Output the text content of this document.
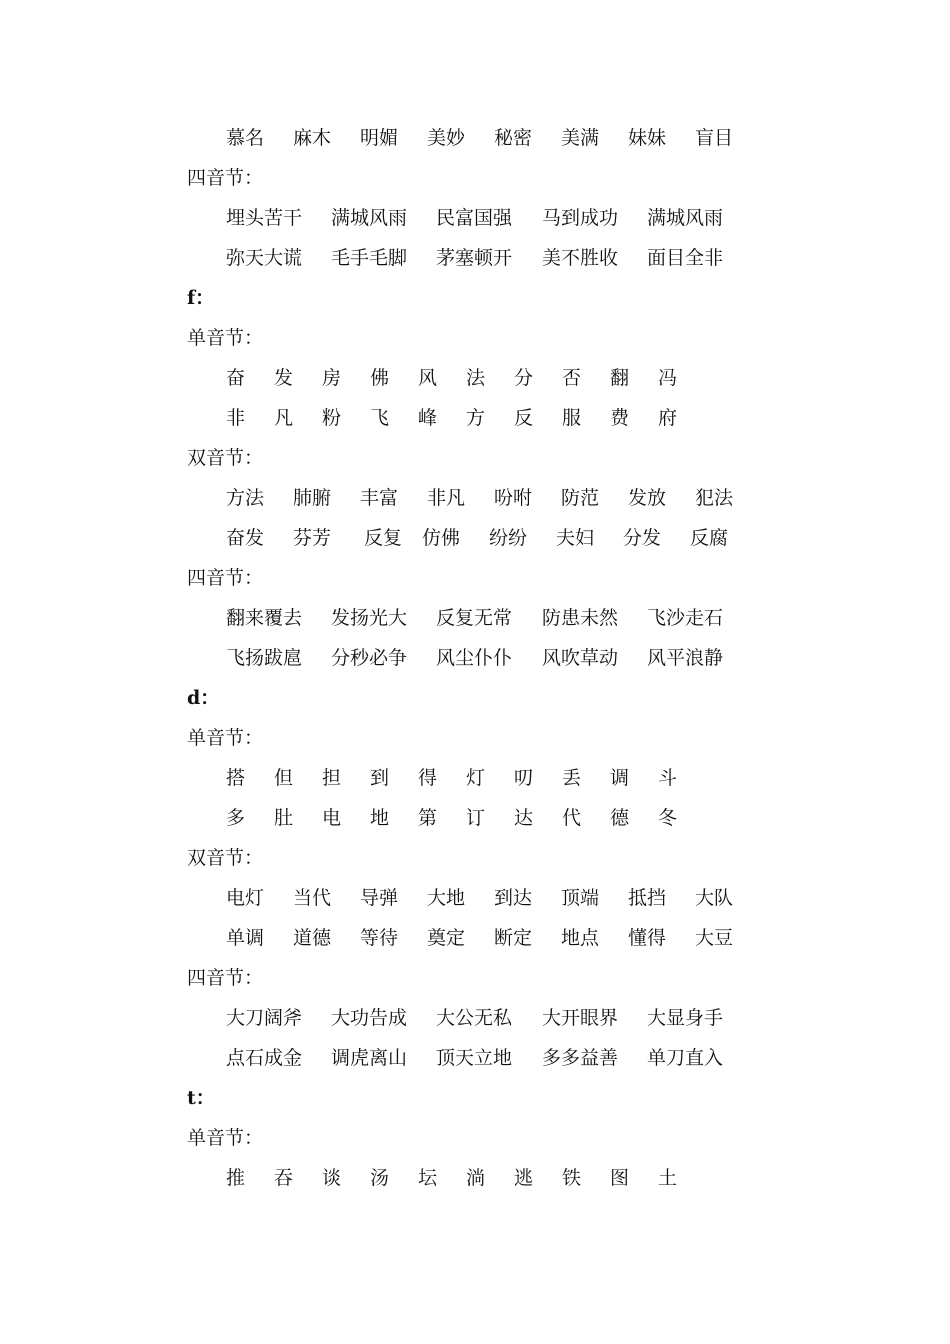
慕名 麻木 明媚 美妙 秘密 美满 妹妹 盲目
四音节：
埋头苦干 满城风雨 民富国强 马到成功 满城风雨
弥天大谎 毛手毛脚 茅塞顿开 美不胜收 面目全非
f：
单音节：
奋 发 房 佛 风 法 分 否 翻 冯
非 凡 粉 飞 峰 方 反 服 费 府
双音节：
方法 肺腑 丰富 非凡 吩咐 防范 发放 犯法
奋发 芬芳 反复 仿佛 纷纷 夫妇 分发 反腐
四音节：
翻来覆去 发扬光大 反复无常 防患未然 飞沙走石
飞扬跋扈 分秒必争 风尘仆仆 风吹草动 风平浪静
d：
单音节：
搭 但 担 到 得 灯 叨 丢 调 斗
多 肚 电 地 第 订 达 代 德 冬
双音节：
电灯 当代 导弹 大地 到达 顶端 抵挡 大队
单调 道德 等待 奠定 断定 地点 懂得 大豆
四音节：
大刀阔斧 大功告成 大公无私 大开眼界 大显身手
点石成金 调虎离山 顶天立地 多多益善 单刀直入
t：
单音节：
推 吞 谈 汤 坛 淌 逃 铁 图 土
